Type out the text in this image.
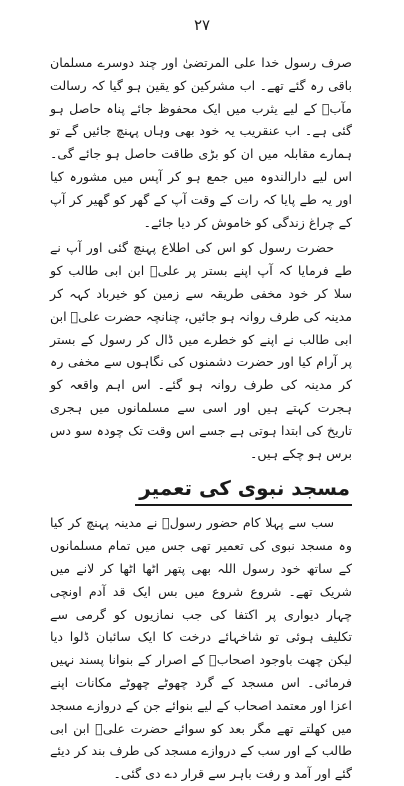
۲۷

صرف رسول خدا علی المرتضیٰ اور چند دوسرے مسلمان باقی رہ گئے تھے۔ اب مشرکین کو یقین ہو گیا کہ رسالت مآبؐ کے لیے یثرب میں ایک محفوظ جائے پناہ حاصل ہو گئی ہے۔ اب عنقریب یہ خود بھی وہاں پہنچ جائیں گے تو ہمارے مقابلہ میں ان کو بڑی طاقت حاصل ہو جائے گی۔ اس لیے دارالندوہ میں جمع ہو کر آپس میں مشورہ کیا اور یہ طے پایا کہ رات کے وقت آپ کے گھر کو گھیر کر آپ کے چراغ زندگی کو خاموش کر دیا جائے۔

حضرت رسول کو اس کی اطلاع پہنچ گئی اور آپ نے طے فرمایا کہ آپ اپنے بستر پر علیؑ ابن ابی طالب کو سلا کر خود مخفی طریقہ سے زمین کو خیرباد کہہ کر مدینہ کی طرف روانہ ہو جائیں، چنانچہ حضرت علیؑ ابن ابی طالب نے اپنے کو خطرے میں ڈال کر رسول کے بستر پر آرام کیا اور حضرت دشمنوں کی نگاہوں سے مخفی رہ کر مدینہ کی طرف روانہ ہو گئے۔ اس اہم واقعہ کو ہجرت کہتے ہیں اور اسی سے مسلمانوں میں ہجری تاریخ کی ابتدا ہوتی ہے جسے اس وقت تک چودہ سو دس برس ہو چکے ہیں۔

مسجد نبوی کی تعمیر

سب سے پہلا کام حضور رسولؐ نے مدینہ پہنچ کر کیا وہ مسجد نبوی کی تعمیر تھی جس میں تمام مسلمانوں کے ساتھ خود رسول اللہ بھی پتھر اٹھا اٹھا کر لانے میں شریک تھے۔ شروع شروع میں بس ایک قد آدم اونچی چہار دیواری پر اکتفا کی جب نمازیوں کو گرمی سے تکلیف ہوئی تو شاخہائے درخت کا ایک سائبان ڈلوا دیا لیکن چھت باوجود اصحابؓ کے اصرار کے بنوانا پسند نہیں فرمائی۔ اس مسجد کے گرد چھوٹے چھوٹے مکانات اپنے اعزا اور معتمد اصحاب کے لیے بنوائے جن کے دروازے مسجد میں کھلتے تھے مگر بعد کو سوائے حضرت علیؑ ابن ابی طالب کے اور سب کے دروازے مسجد کی طرف بند کر دیئے گئے اور آمد و رفت باہر سے قرار دے دی گئی۔
